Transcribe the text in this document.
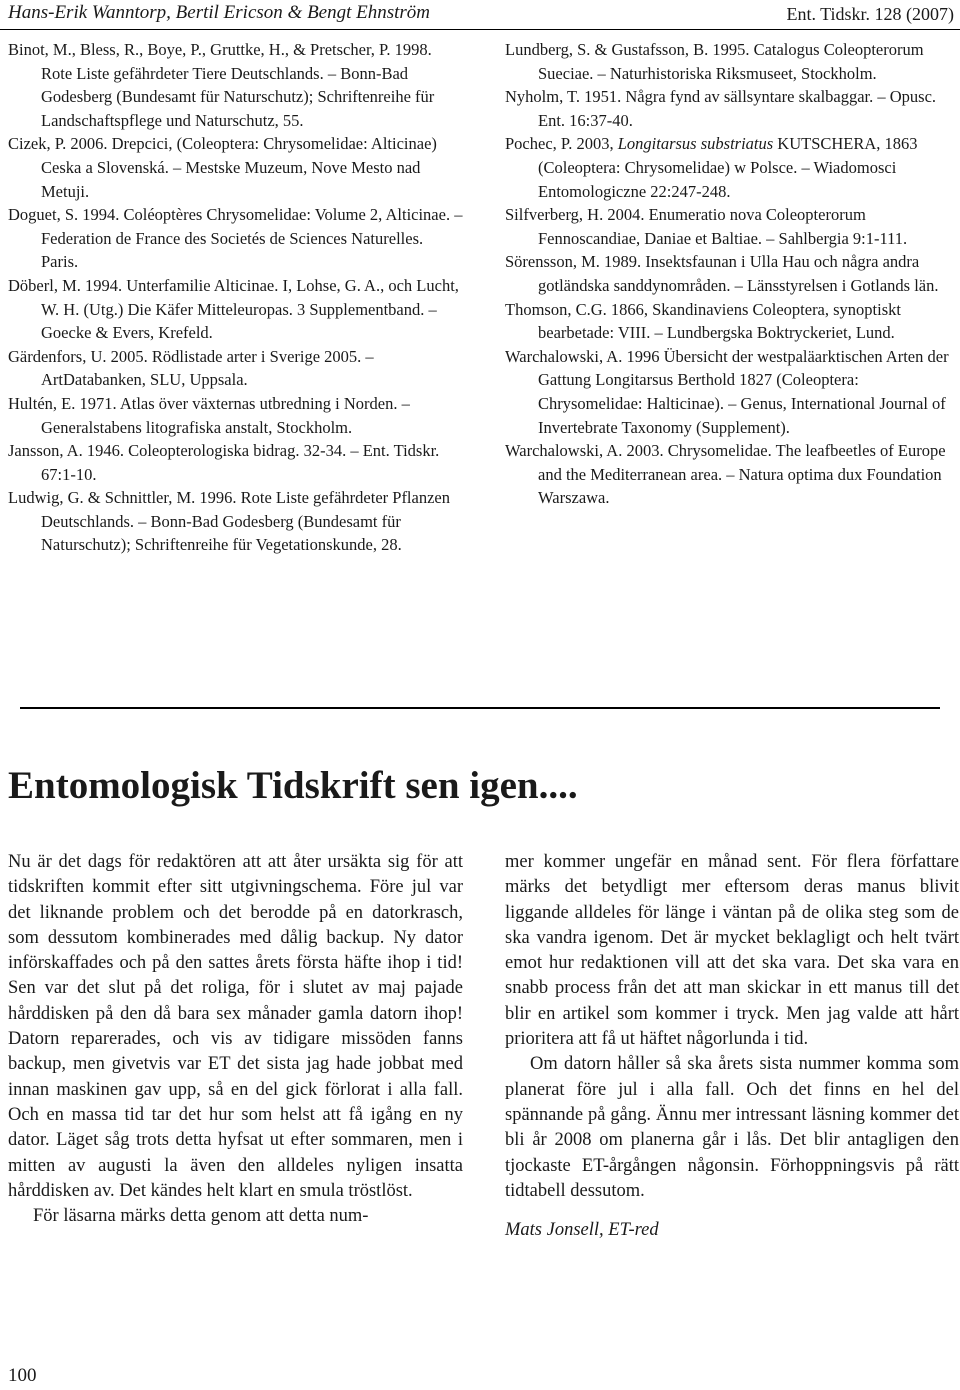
Hans-Erik Wanntorp, Bertil Ericson & Bengt Ehnström	Ent. Tidskr. 128 (2007)

Binot, M., Bless, R., Boye, P., Gruttke, H., & Pretscher, P. 1998. Rote Liste gefährdeter Tiere Deutschlands. – Bonn-Bad Godesberg (Bundesamt für Naturschutz); Schriftenreihe für Landschaftspflege und Naturschutz, 55.

Cizek, P. 2006. Drepcici, (Coleoptera: Chrysomelidae: Alticinae) Ceska a Slovenská. – Mestske Muzeum, Nove Mesto nad Metuji.

Doguet, S. 1994. Coléoptères Chrysomelidae: Volume 2, Alticinae. – Federation de France des Societés de Sciences Naturelles. Paris.

Döberl, M. 1994. Unterfamilie Alticinae. I, Lohse, G. A., och Lucht, W. H. (Utg.) Die Käfer Mitteleuropas. 3 Supplementband. – Goecke & Evers, Krefeld.

Gärdenfors, U. 2005. Rödlistade arter i Sverige 2005. – ArtDatabanken, SLU, Uppsala.

Hultén, E. 1971. Atlas över växternas utbredning i Norden. – Generalstabens litografiska anstalt, Stockholm.

Jansson, A. 1946. Coleopterologiska bidrag. 32-34. – Ent. Tidskr. 67:1-10.

Ludwig, G. & Schnittler, M. 1996. Rote Liste gefährdeter Pflanzen Deutschlands. – Bonn-Bad Godesberg (Bundesamt für Naturschutz); Schriftenreihe für Vegetationskunde, 28.

Lundberg, S. & Gustafsson, B. 1995. Catalogus Coleopterorum Sueciae. – Naturhistoriska Riksmuseet, Stockholm.

Nyholm, T. 1951. Några fynd av sällsyntare skalbaggar. – Opusc. Ent. 16:37-40.

Pochec, P. 2003, Longitarsus substriatus KUTSCHERA, 1863 (Coleoptera: Chrysomelidae) w Polsce. – Wiadomosci Entomologiczne 22:247-248.

Silfverberg, H. 2004. Enumeratio nova Coleopterorum Fennoscandiae, Daniae et Baltiae. – Sahlbergia 9:1-111.

Sörensson, M. 1989. Insektsfaunan i Ulla Hau och några andra gotländska sanddynområden. – Länsstyrelsen i Gotlands län.

Thomson, C.G. 1866, Skandinaviens Coleoptera, synoptiskt bearbetade: VIII. – Lundbergska Boktryckeriet, Lund.

Warchalowski, A. 1996 Übersicht der westpaläarktischen Arten der Gattung Longitarsus Berthold 1827 (Coleoptera: Chrysomelidae: Halticinae). – Genus, International Journal of Invertebrate Taxonomy (Supplement).

Warchalowski, A. 2003. Chrysomelidae. The leafbeetles of Europe and the Mediterranean area. – Natura optima dux Foundation Warszawa.

Entomologisk Tidskrift sen igen....

Nu är det dags för redaktören att att åter ursäkta sig för att tidskriften kommit efter sitt utgivningschema. Före jul var det liknande problem och det berodde på en datorkrasch, som dessutom kombinerades med dålig backup. Ny dator införskaffades och på den sattes årets första häfte ihop i tid! Sen var det slut på det roliga, för i slutet av maj pajade hårddisken på den då bara sex månader gamla datorn ihop! Datorn reparerades, och vis av tidigare missöden fanns backup, men givetvis var ET det sista jag hade jobbat med innan maskinen gav upp, så en del gick förlorat i alla fall. Och en massa tid tar det hur som helst att få igång en ny dator. Läget såg trots detta hyfsat ut efter sommaren, men i mitten av augusti la även den alldeles nyligen insatta hårddisken av. Det kändes helt klart en smula tröstlöst.

För läsarna märks detta genom att detta num-

mer kommer ungefär en månad sent. För flera författare märks det betydligt mer eftersom deras manus blivit liggande alldeles för länge i väntan på de olika steg som de ska vandra igenom. Det är mycket beklagligt och helt tvärt emot hur redaktionen vill att det ska vara. Det ska vara en snabb process från det att man skickar in ett manus till det blir en artikel som kommer i tryck. Men jag valde att hårt prioritera att få ut häftet någorlunda i tid.

Om datorn håller så ska årets sista nummer komma som planerat före jul i alla fall. Och det finns en hel del spännande på gång. Ännu mer intressant läsning kommer det bli år 2008 om planerna går i lås. Det blir antagligen den tjockaste ET-årgången någonsin. Förhoppningsvis på rätt tidtabell dessutom.

Mats Jonsell, ET-red

100
